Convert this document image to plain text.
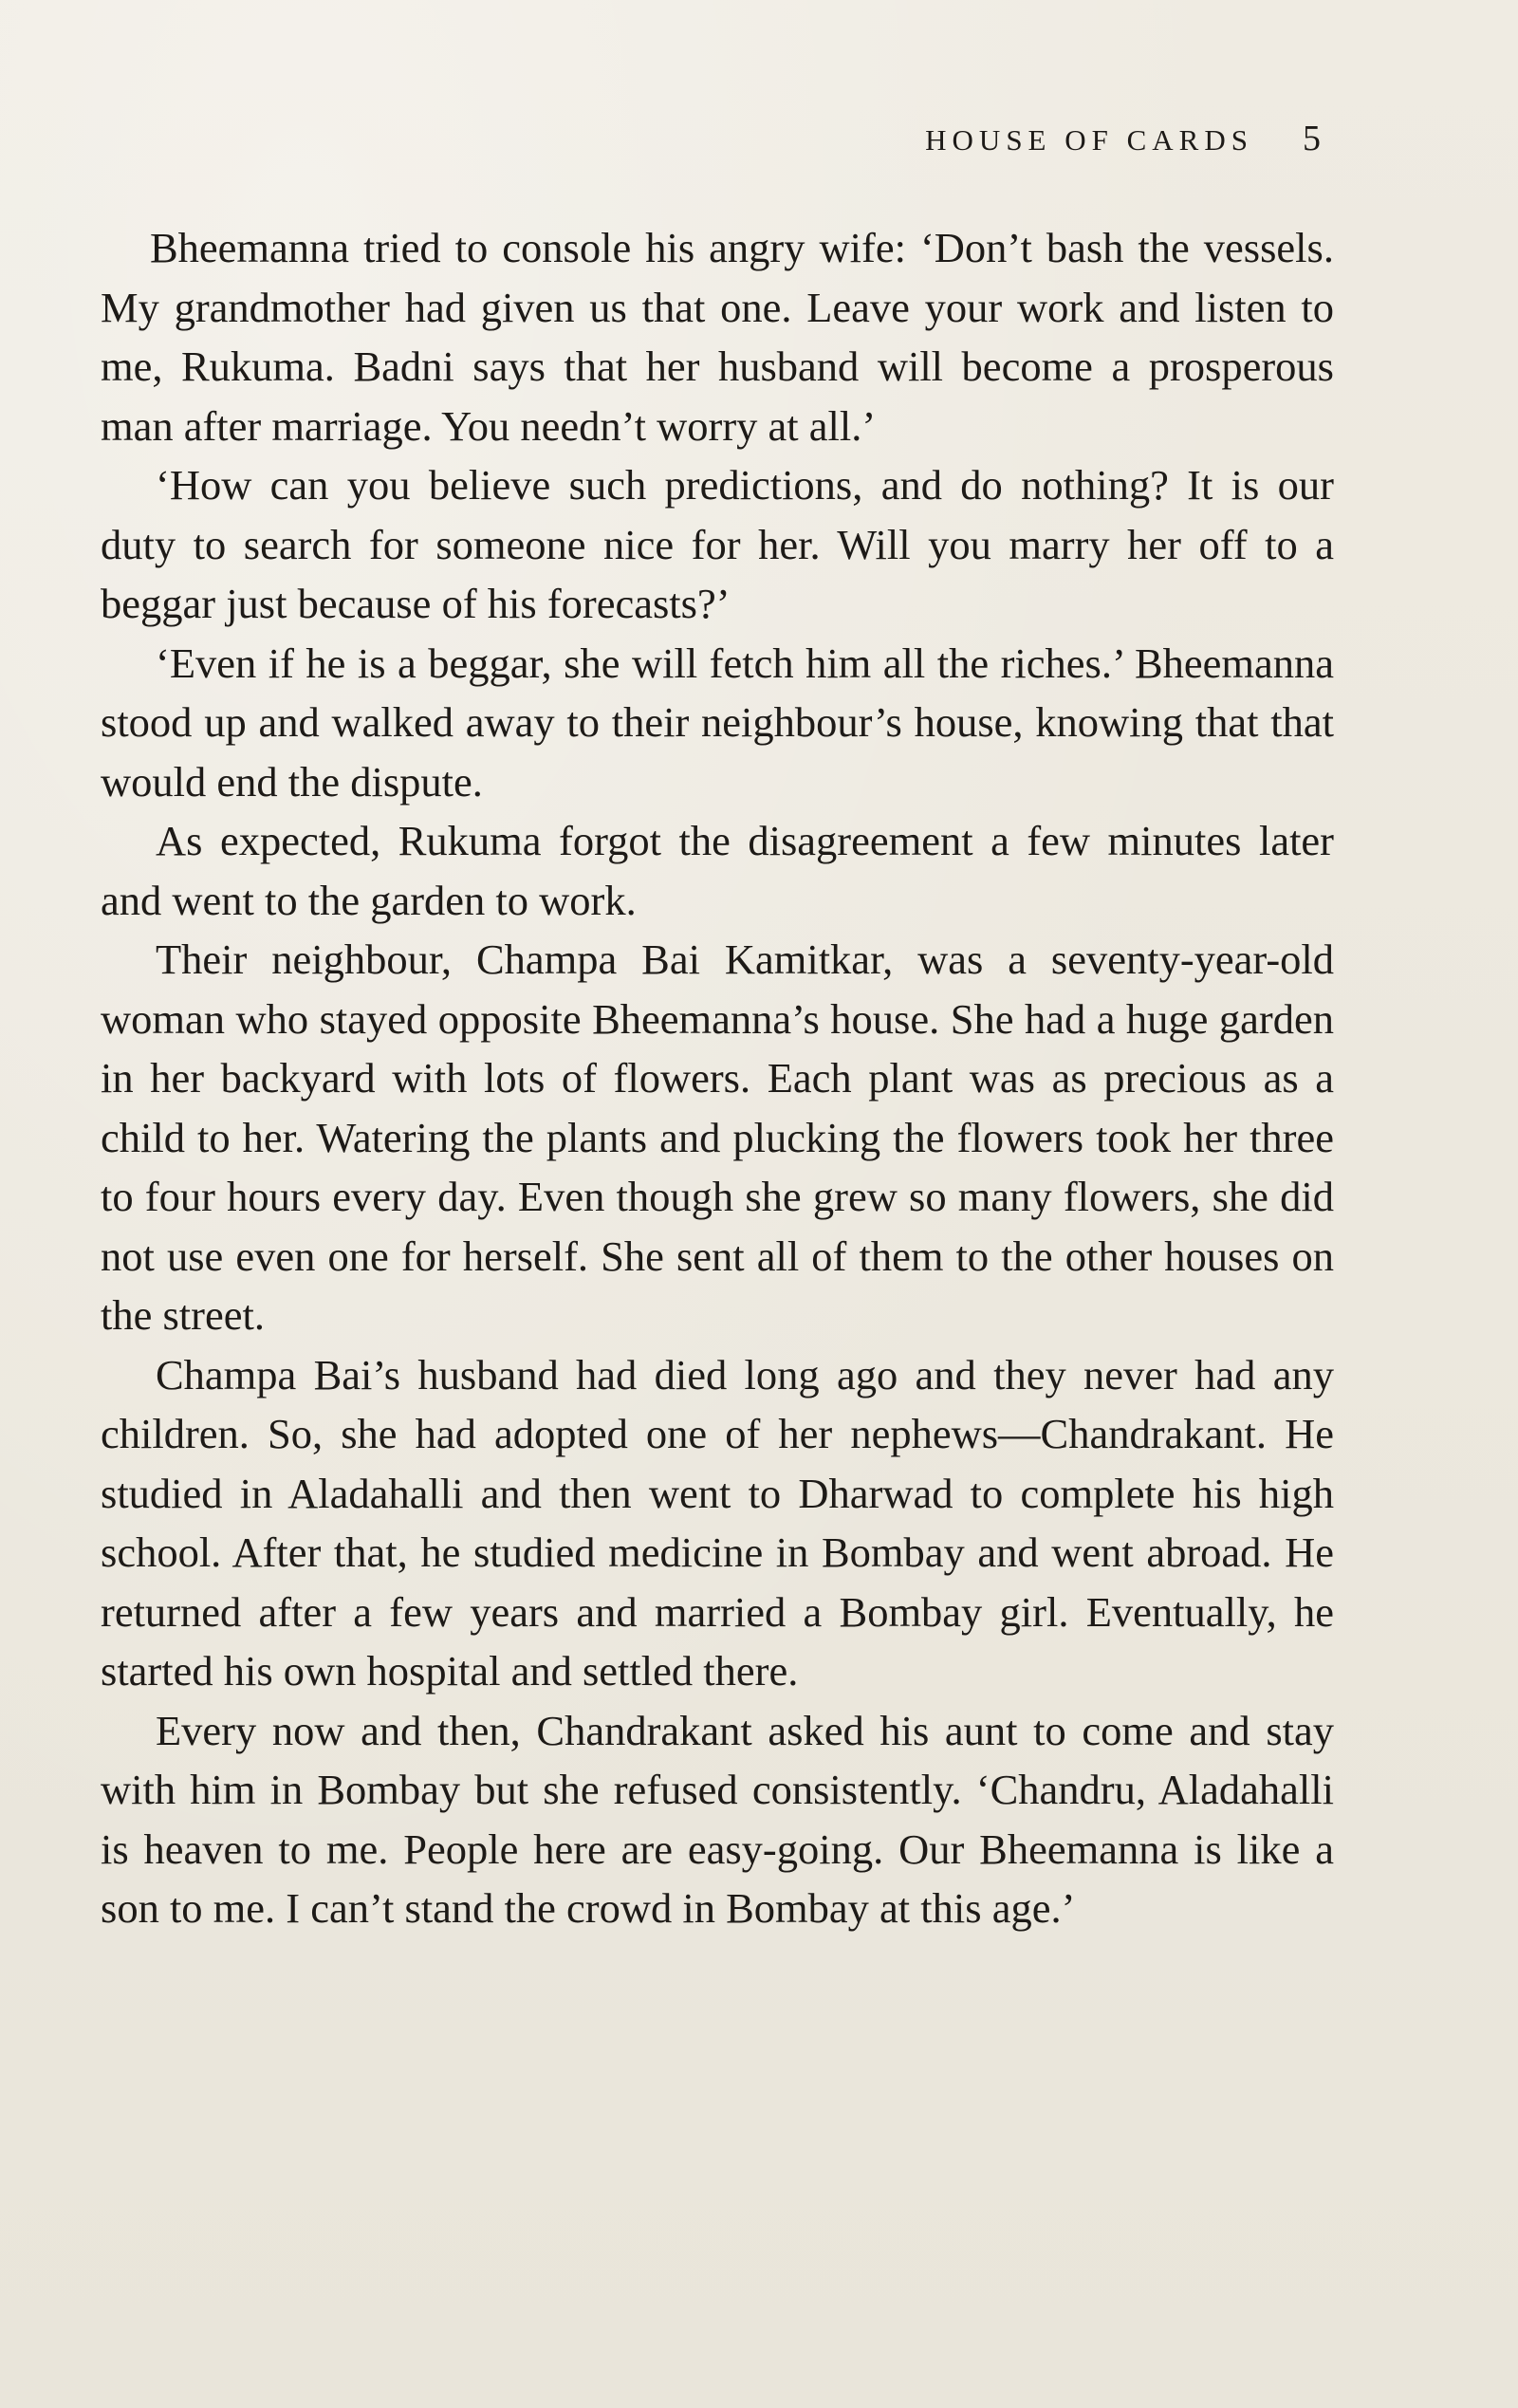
HOUSE OF CARDS 5

Bheemanna tried to console his angry wife: ‘Don’t bash the vessels. My grandmother had given us that one. Leave your work and listen to me, Rukuma. Badni says that her husband will become a prosperous man after marriage. You needn’t worry at all.’

‘How can you believe such predictions, and do nothing? It is our duty to search for someone nice for her. Will you marry her off to a beggar just because of his forecasts?’

‘Even if he is a beggar, she will fetch him all the riches.’ Bheemanna stood up and walked away to their neighbour’s house, knowing that that would end the dispute.

As expected, Rukuma forgot the disagreement a few minutes later and went to the garden to work.

Their neighbour, Champa Bai Kamitkar, was a seventy-year-old woman who stayed opposite Bheemanna’s house. She had a huge garden in her backyard with lots of flowers. Each plant was as precious as a child to her. Watering the plants and plucking the flowers took her three to four hours every day. Even though she grew so many flowers, she did not use even one for herself. She sent all of them to the other houses on the street.

Champa Bai’s husband had died long ago and they never had any children. So, she had adopted one of her nephews—Chandrakant. He studied in Aladahalli and then went to Dharwad to complete his high school. After that, he studied medicine in Bombay and went abroad. He returned after a few years and married a Bombay girl. Eventually, he started his own hospital and settled there.

Every now and then, Chandrakant asked his aunt to come and stay with him in Bombay but she refused consistently. ‘Chandru, Aladahalli is heaven to me. People here are easy-going. Our Bheemanna is like a son to me. I can’t stand the crowd in Bombay at this age.’
